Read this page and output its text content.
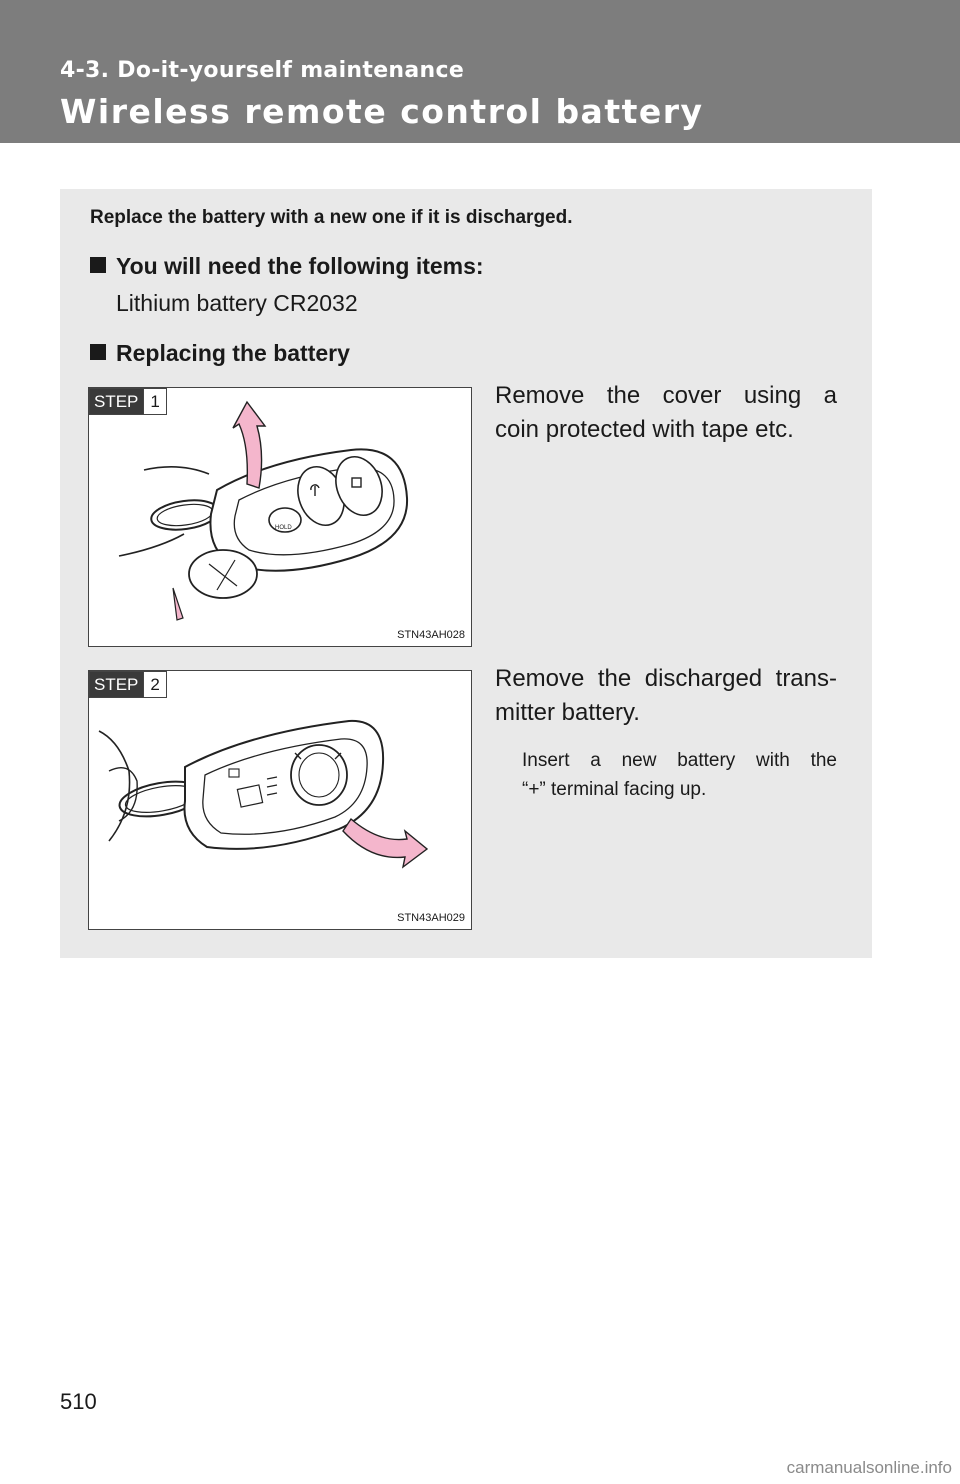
4-3. Do-it-yourself maintenance
Wireless remote control battery
Replace the battery with a new one if it is discharged.
You will need the following items:
Lithium battery CR2032
Replacing the battery
HOLD
STEP 1
STN43AH028
Remove the cover using a
coin protected with tape etc.
STEP 2
STN43AH029
Remove the discharged trans-
mitter battery.
Insert a new battery with the
“+” terminal facing up.
510
carmanualsonline.info
